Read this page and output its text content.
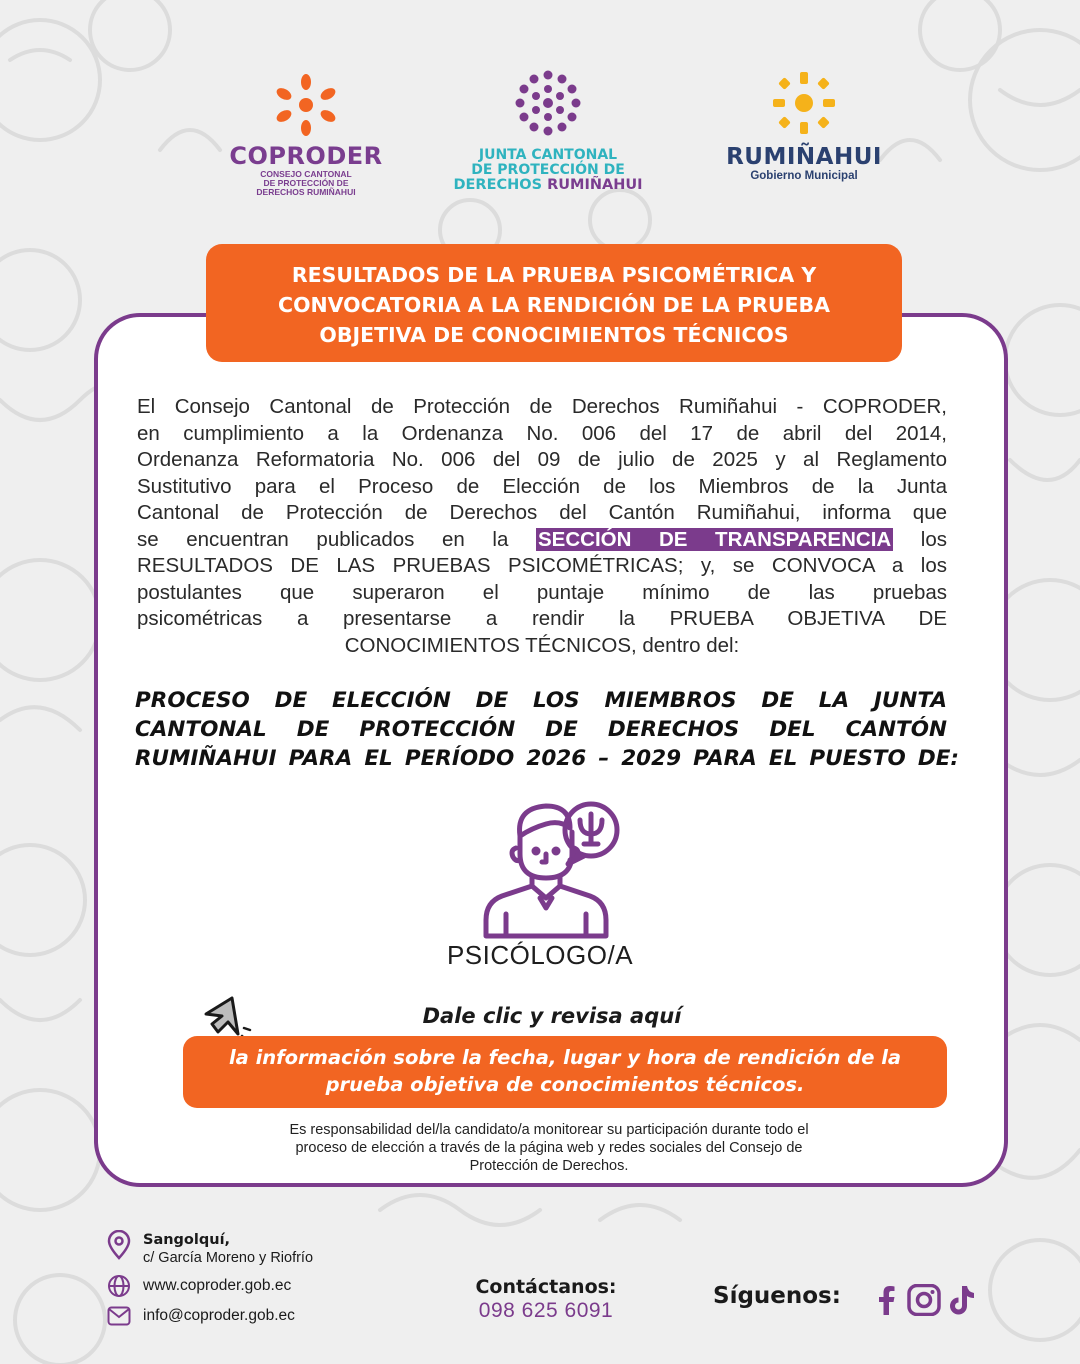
COPRODER
CONSEJO CANTONAL
DE PROTECCIÓN DE
DERECHOS RUMIÑAHUI
JUNTA CANTONAL
DE PROTECCIÓN DE
DERECHOS RUMIÑAHUI
RUMIÑAHUI
Gobierno Municipal
RESULTADOS DE LA PRUEBA PSICOMÉTRICA Y
CONVOCATORIA A LA RENDICIÓN DE LA PRUEBA
OBJETIVA DE CONOCIMIENTOS TÉCNICOS
El Consejo Cantonal de Protección de Derechos Rumiñahui - COPRODER,
en cumplimiento a la Ordenanza No. 006 del 17 de abril del 2014,
Ordenanza Reformatoria No. 006 del 09 de julio de 2025 y al Reglamento
Sustitutivo para el Proceso de Elección de los Miembros de la Junta
Cantonal de Protección de Derechos del Cantón Rumiñahui, informa que
se encuentran publicados en la SECCIÓN DE TRANSPARENCIA los
RESULTADOS DE LAS PRUEBAS PSICOMÉTRICAS; y, se CONVOCA a los
postulantes que superaron el puntaje mínimo de las pruebas
psicométricas a presentarse a rendir la PRUEBA OBJETIVA DE
CONOCIMIENTOS TÉCNICOS, dentro del:
PROCESO DE ELECCIÓN DE LOS MIEMBROS DE LA JUNTA
CANTONAL DE PROTECCIÓN DE DERECHOS DEL CANTÓN
RUMIÑAHUI PARA EL PERÍODO 2026 – 2029 PARA EL PUESTO DE:
PSICÓLOGO/A
Dale clic y revisa aquí
la información sobre la fecha, lugar y hora de rendición de la
prueba objetiva de conocimientos técnicos.
Es responsabilidad del/la candidato/a monitorear su participación durante todo el
proceso de elección a través de la página web y redes sociales del Consejo de
Protección de Derechos.
Sangolquí,
c/ García Moreno y Riofrío
www.coproder.gob.ec
info@coproder.gob.ec
Contáctanos:
098 625 6091
Síguenos:
